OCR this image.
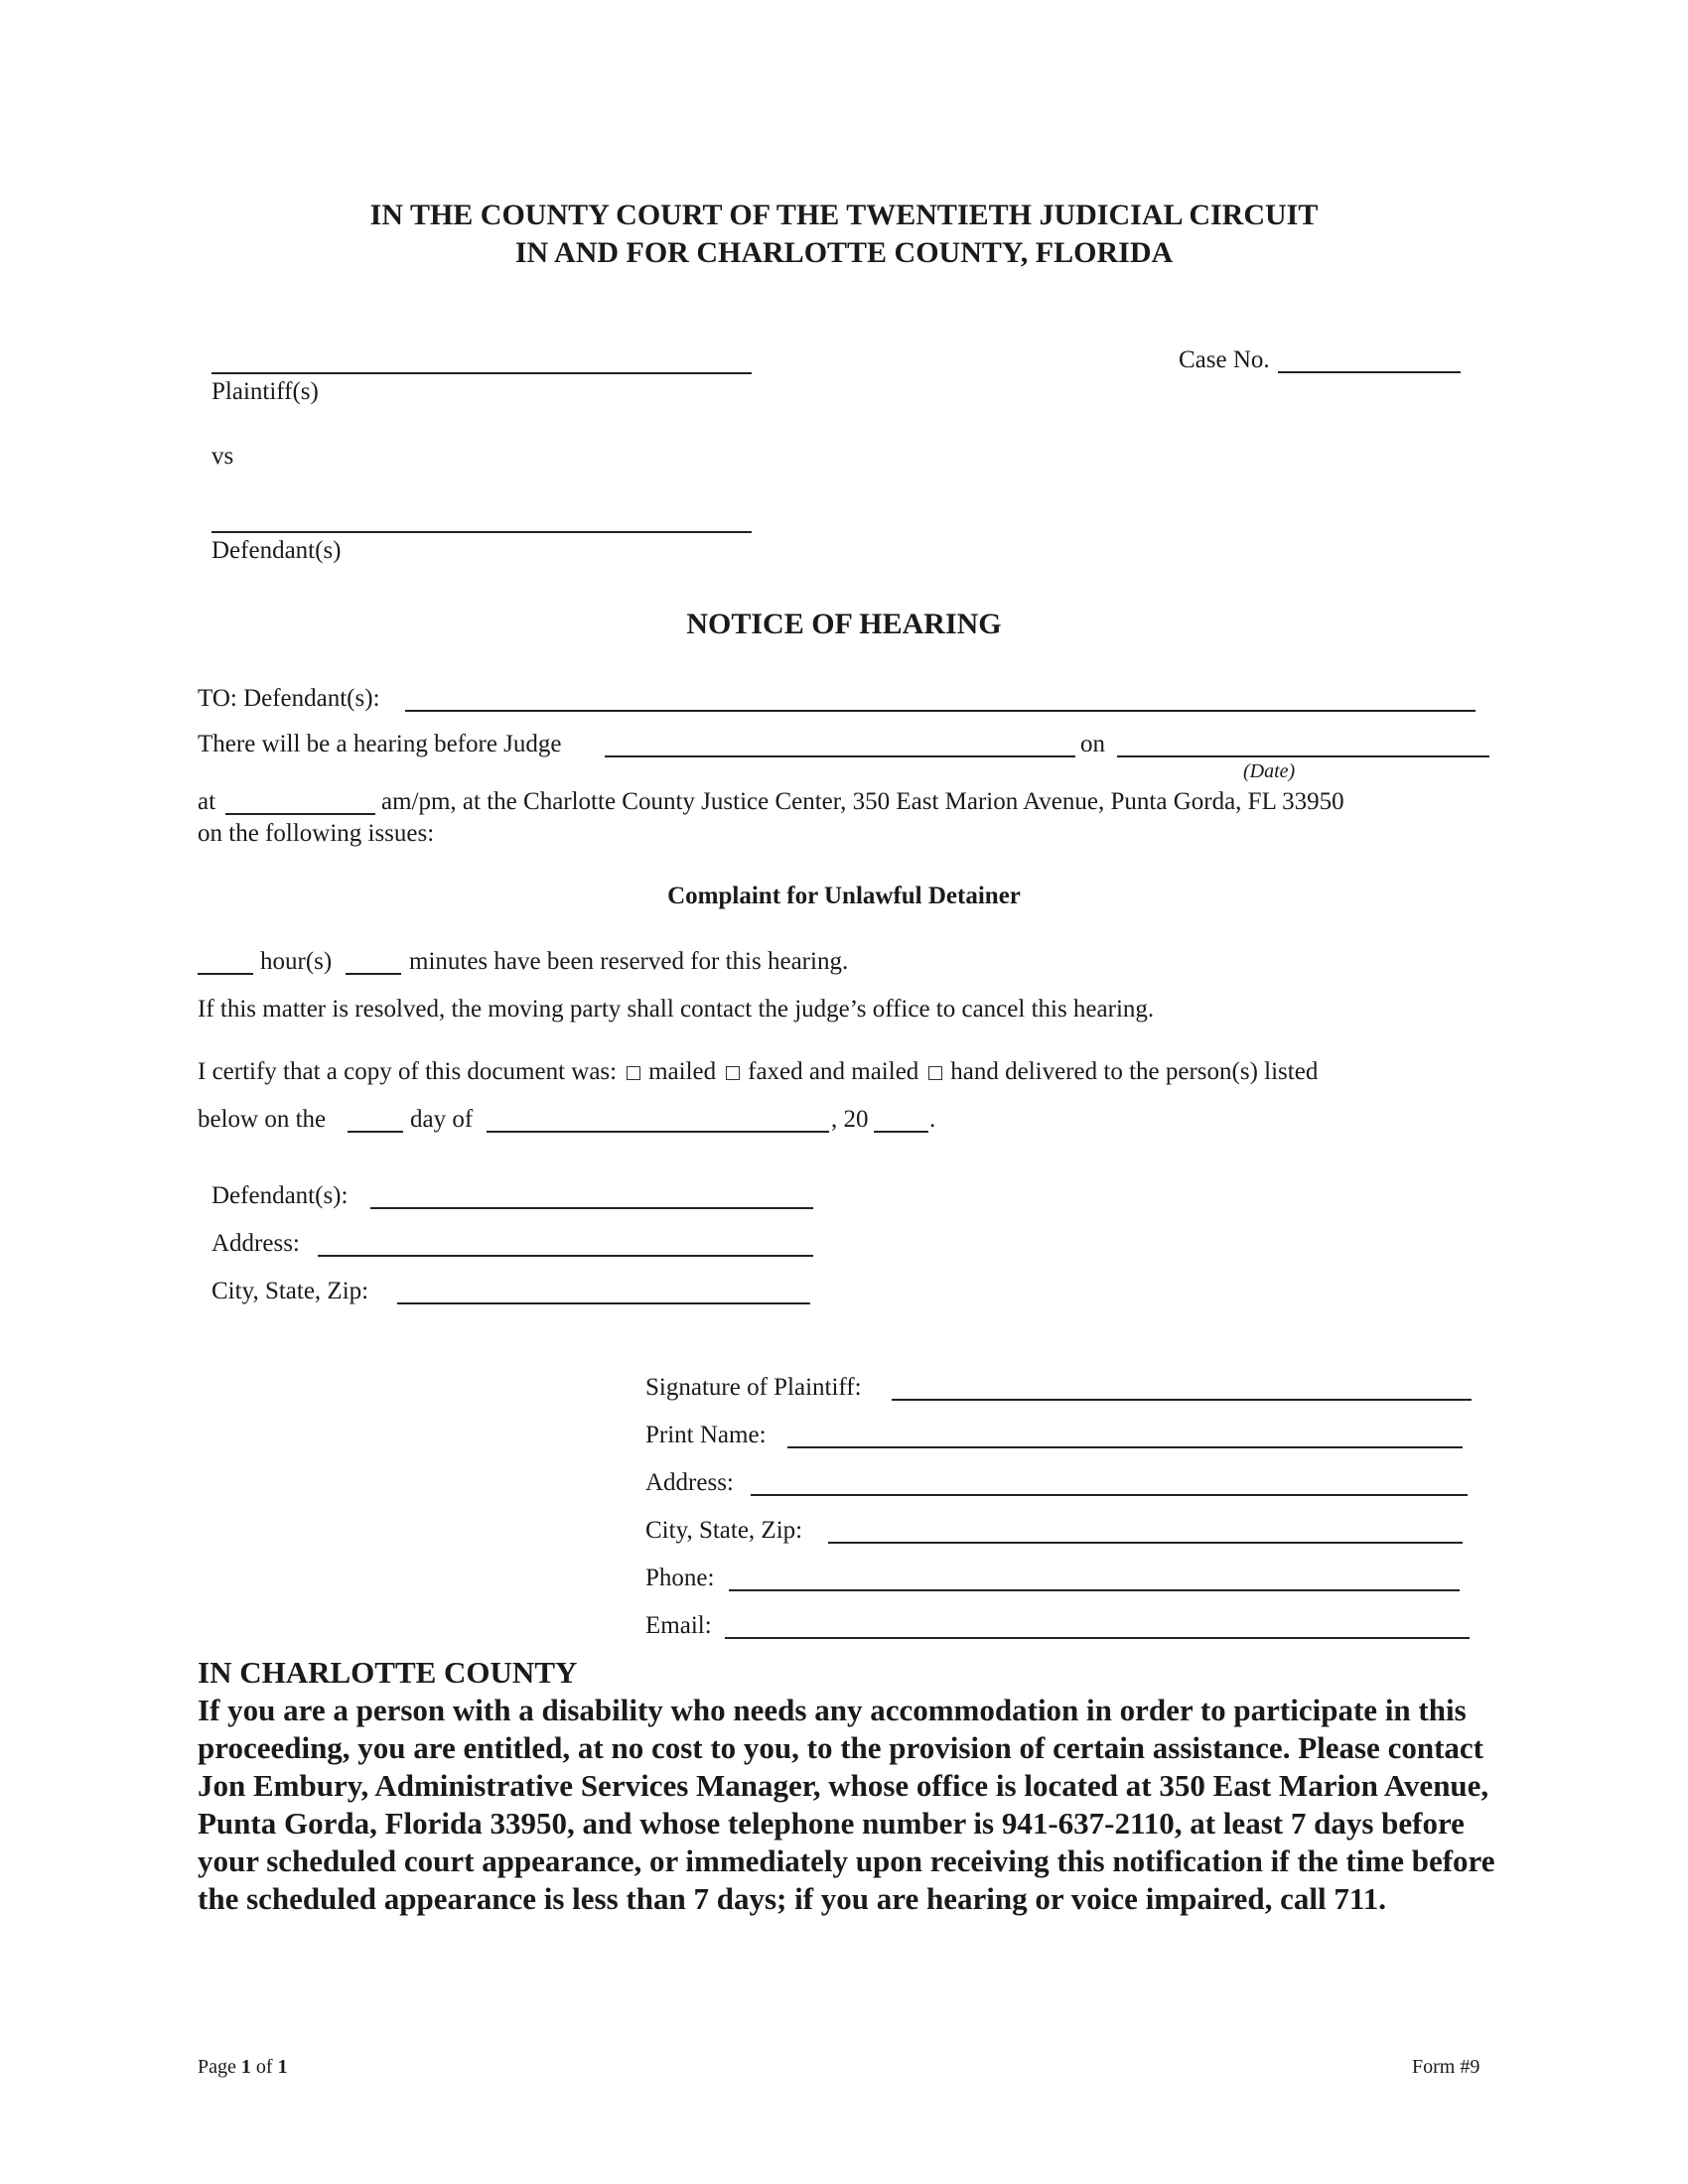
IN THE COUNTY COURT OF THE TWENTIETH JUDICIAL CIRCUIT
IN AND FOR CHARLOTTE COUNTY, FLORIDA
Plaintiff(s)
Case No.
vs
Defendant(s)
NOTICE OF HEARING
TO: Defendant(s):
There will be a hearing before Judge	on
(Date)
at	am/pm, at the Charlotte County Justice Center, 350 East Marion Avenue, Punta Gorda, FL 33950
on the following issues:
Complaint for Unlawful Detainer
hour(s)	minutes have been reserved for this hearing.
If this matter is resolved, the moving party shall contact the judge’s office to cancel this hearing.
I certify that a copy of this document was: mailed faxed and mailed hand delivered to the person(s) listed
below on the	day of	, 20 .
Defendant(s):
Address:
City, State, Zip:
Signature of Plaintiff:
Print Name:
Address:
City, State, Zip:
Phone:
Email:
IN CHARLOTTE COUNTY
If you are a person with a disability who needs any accommodation in order to participate in this proceeding, you are entitled, at no cost to you, to the provision of certain assistance. Please contact Jon Embury, Administrative Services Manager, whose office is located at 350 East Marion Avenue, Punta Gorda, Florida 33950, and whose telephone number is 941-637-2110, at least 7 days before your scheduled court appearance, or immediately upon receiving this notification if the time before the scheduled appearance is less than 7 days; if you are hearing or voice impaired, call 711.
Page 1 of 1	Form #9
